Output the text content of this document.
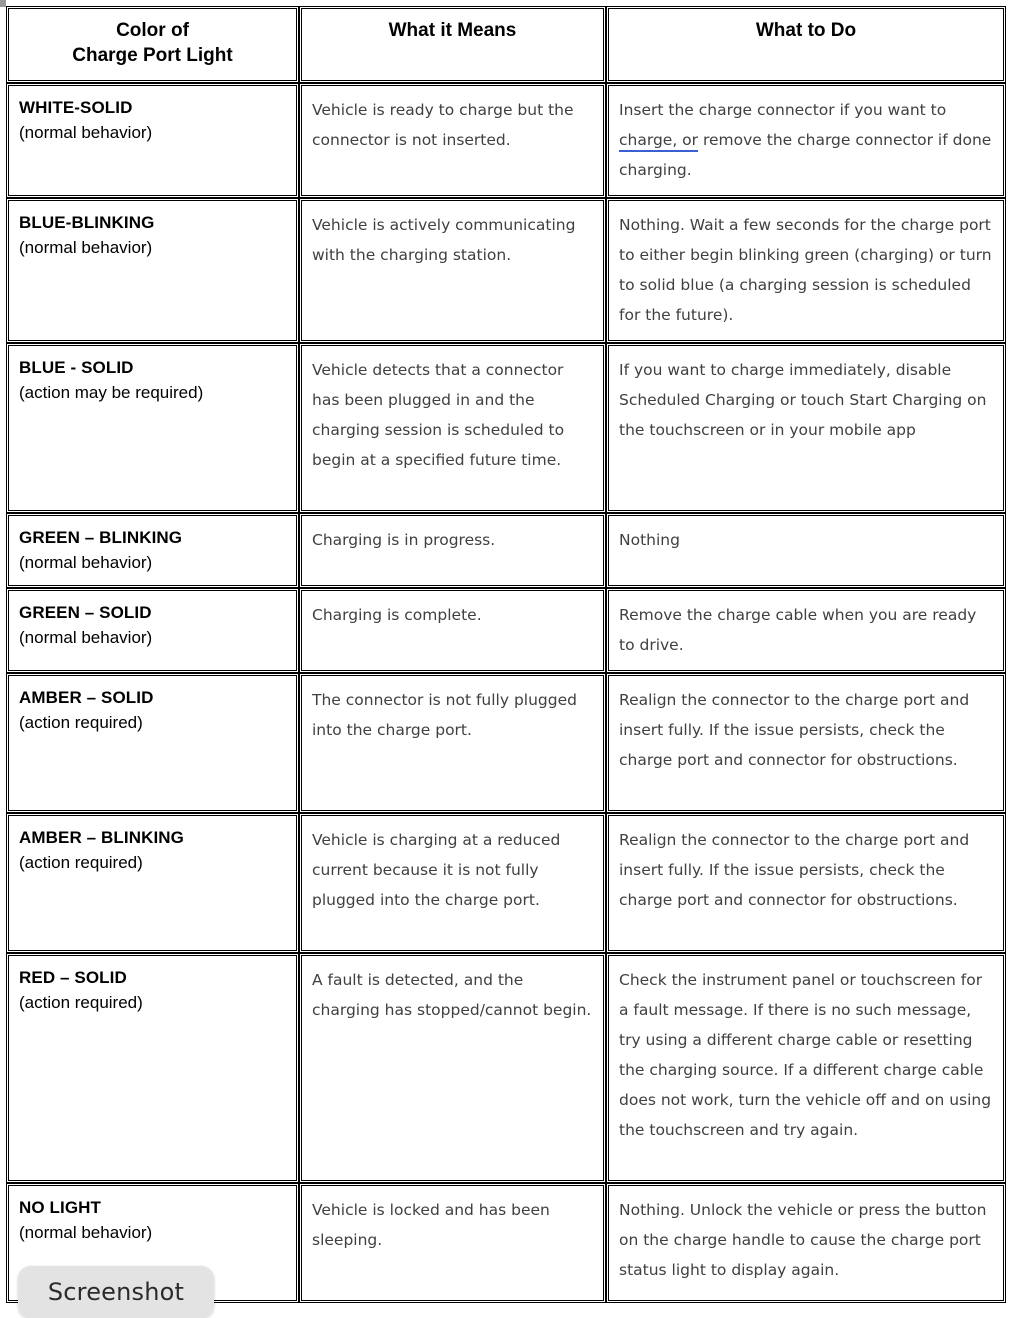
Color of
Charge Port Light	What it Means	What to Do

WHITE-SOLID
(normal behavior)	Vehicle is ready to charge but the connector is not inserted.	Insert the charge connector if you want to charge, or remove the charge connector if done charging.

BLUE-BLINKING
(normal behavior)	Vehicle is actively communicating with the charging station.	Nothing. Wait a few seconds for the charge port to either begin blinking green (charging) or turn to solid blue (a charging session is scheduled for the future).

BLUE - SOLID
(action may be required)	Vehicle detects that a connector has been plugged in and the charging session is scheduled to begin at a specified future time.	If you want to charge immediately, disable Scheduled Charging or touch Start Charging on the touchscreen or in your mobile app

GREEN – BLINKING
(normal behavior)	Charging is in progress.	Nothing

GREEN – SOLID
(normal behavior)	Charging is complete.	Remove the charge cable when you are ready to drive.

AMBER – SOLID
(action required)	The connector is not fully plugged into the charge port.	Realign the connector to the charge port and insert fully. If the issue persists, check the charge port and connector for obstructions.

AMBER – BLINKING
(action required)	Vehicle is charging at a reduced current because it is not fully plugged into the charge port.	Realign the connector to the charge port and insert fully. If the issue persists, check the charge port and connector for obstructions.

RED – SOLID
(action required)	A fault is detected, and the charging has stopped/cannot begin.	Check the instrument panel or touchscreen for a fault message. If there is no such message, try using a different charge cable or resetting the charging source. If a different charge cable does not work, turn the vehicle off and on using the touchscreen and try again.

NO LIGHT
(normal behavior)	Vehicle is locked and has been sleeping.	Nothing. Unlock the vehicle or press the button on the charge handle to cause the charge port status light to display again.
Screenshot
